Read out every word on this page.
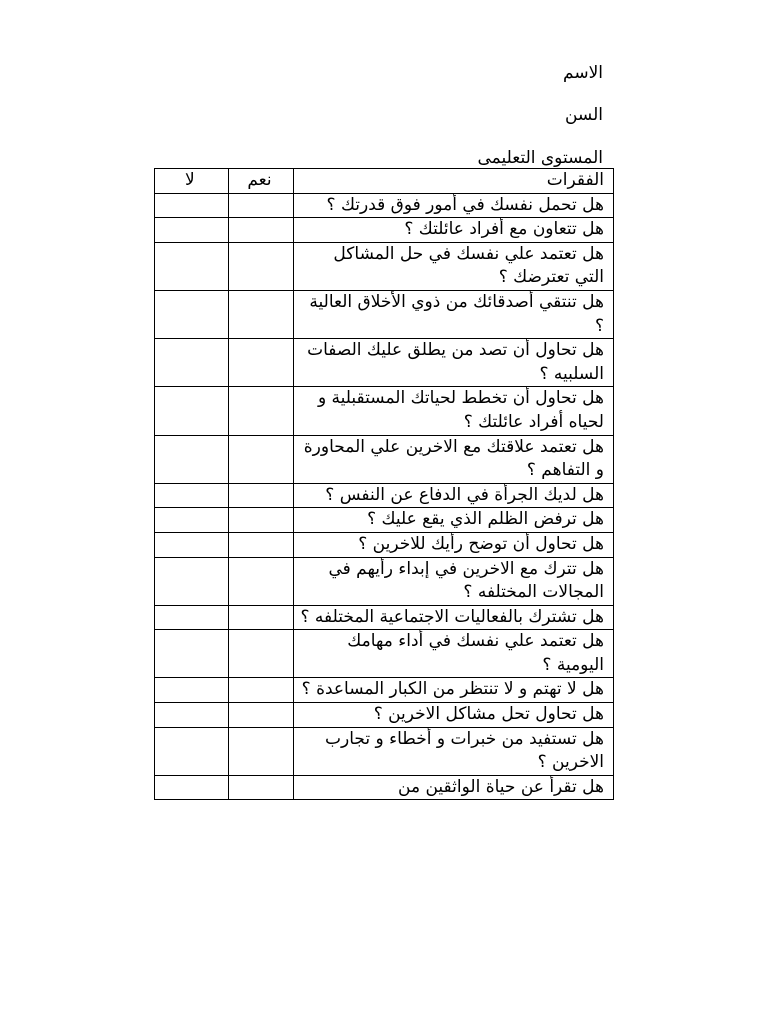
الاسم
السن
المستوى التعليمى
الفقرات	نعم	لا
هل تحمل نفسك في أمور فوق قدرتك ؟		
هل تتعاون مع أفراد عائلتك ؟		
هل تعتمد علي نفسك في حل المشاكل التي تعترضك ؟		
هل تنتقي أصدقائك من ذوي الأخلاق العالية ؟		
هل تحاول أن تصد من يطلق عليك الصفات السلبيه ؟		
هل تحاول أن تخطط لحياتك المستقبلية و لحياه أفراد عائلتك ؟		
هل تعتمد علاقتك مع الاخرين علي المحاورة و التفاهم ؟		
هل لديك الجرأة في الدفاع عن النفس ؟		
هل ترفض الظلم الذي يقع عليك ؟		
هل تحاول أن توضح رأيك للاخرين ؟		
هل تترك مع الاخرين في إبداء رأيهم في المجالات المختلفه ؟		
هل تشترك بالفعاليات الاجتماعية المختلفه ؟		
هل تعتمد علي نفسك في أداء مهامك اليومية ؟		
هل لا تهتم و لا تنتظر من الكبار المساعدة ؟		
هل تحاول تحل مشاكل الاخرين ؟		
هل تستفيد من خبرات و أخطاء و تجارب الاخرين ؟		
هل تقرأ عن حياة الواثقين من		
